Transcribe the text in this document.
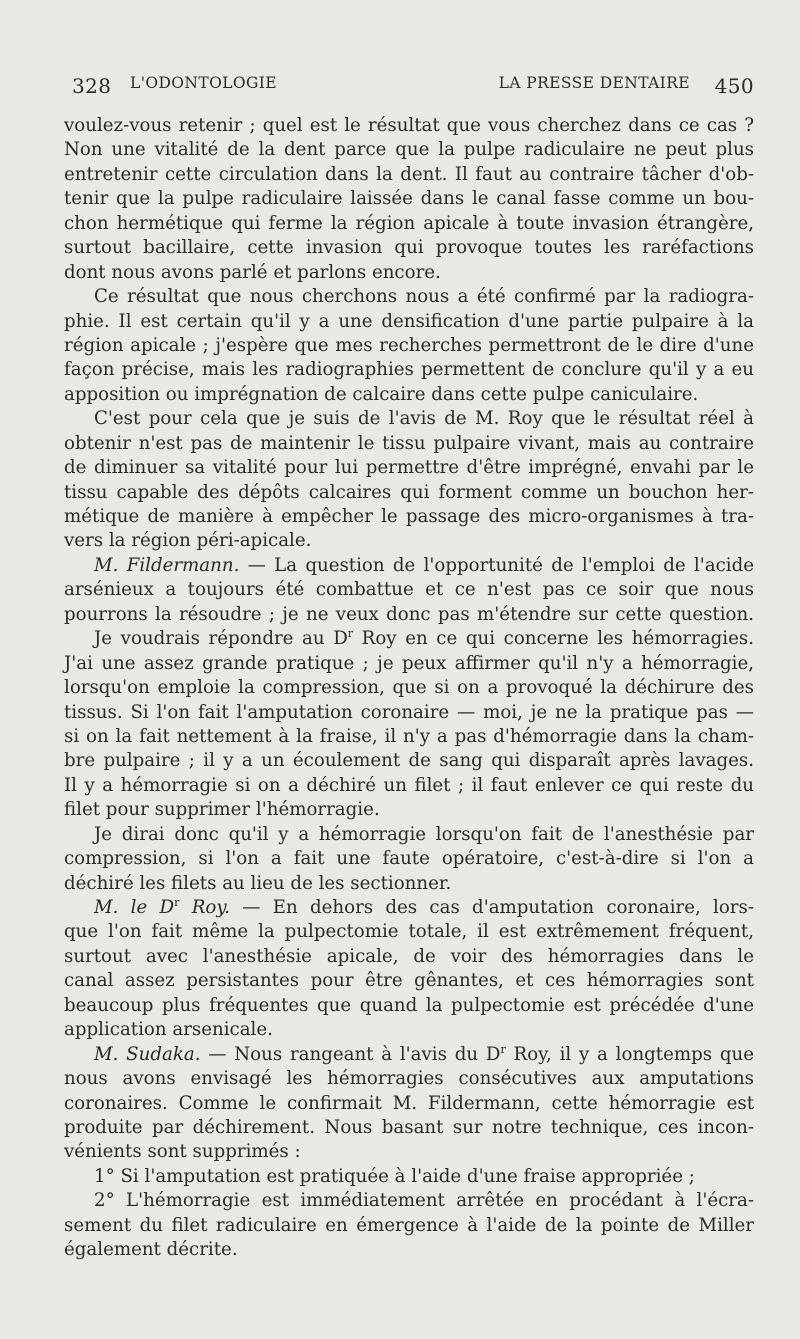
328 L'ODONTOLOGIE	LA PRESSE DENTAIRE 450
voulez-vous retenir ; quel est le résultat que vous cherchez dans ce cas ?
Non une vitalité de la dent parce que la pulpe radiculaire ne peut plus
entretenir cette circulation dans la dent. Il faut au contraire tâcher d'ob-
tenir que la pulpe radiculaire laissée dans le canal fasse comme un bou-
chon hermétique qui ferme la région apicale à toute invasion étrangère,
surtout bacillaire, cette invasion qui provoque toutes les raréfactions
dont nous avons parlé et parlons encore.
Ce résultat que nous cherchons nous a été confirmé par la radiogra-
phie. Il est certain qu'il y a une densification d'une partie pulpaire à la
région apicale ; j'espère que mes recherches permettront de le dire d'une
façon précise, mais les radiographies permettent de conclure qu'il y a eu
apposition ou imprégnation de calcaire dans cette pulpe caniculaire.
C'est pour cela que je suis de l'avis de M. Roy que le résultat réel à
obtenir n'est pas de maintenir le tissu pulpaire vivant, mais au contraire
de diminuer sa vitalité pour lui permettre d'être imprégné, envahi par le
tissu capable des dépôts calcaires qui forment comme un bouchon her-
métique de manière à empêcher le passage des micro-organismes à tra-
vers la région péri-apicale.
M. Fildermann. — La question de l'opportunité de l'emploi de l'acide
arsénieux a toujours été combattue et ce n'est pas ce soir que nous
pourrons la résoudre ; je ne veux donc pas m'étendre sur cette question.
Je voudrais répondre au $D^r$ Roy en ce qui concerne les hémorragies.
J'ai une assez grande pratique ; je peux affirmer qu'il n'y a hémorragie,
lorsqu'on emploie la compression, que si on a provoqué la déchirure des
tissus. Si l'on fait l'amputation coronaire — moi, je ne la pratique pas —
si on la fait nettement à la fraise, il n'y a pas d'hémorragie dans la cham-
bre pulpaire ; il y a un écoulement de sang qui disparaît après lavages.
Il y a hémorragie si on a déchiré un filet ; il faut enlever ce qui reste du
filet pour supprimer l'hémorragie.
Je dirai donc qu'il y a hémorragie lorsqu'on fait de l'anesthésie par
compression, si l'on a fait une faute opératoire, c'est-à-dire si l'on a
déchiré les filets au lieu de les sectionner.
M. le $D^r$ Roy. — En dehors des cas d'amputation coronaire, lors-
que l'on fait même la pulpectomie totale, il est extrêmement fréquent,
surtout avec l'anesthésie apicale, de voir des hémorragies dans le
canal assez persistantes pour être gênantes, et ces hémorragies sont
beaucoup plus fréquentes que quand la pulpectomie est précédée d'une
application arsenicale.
M. Sudaka. — Nous rangeant à l'avis du $D^r$ Roy, il y a longtemps que
nous avons envisagé les hémorragies consécutives aux amputations
coronaires. Comme le confirmait M. Fildermann, cette hémorragie est
produite par déchirement. Nous basant sur notre technique, ces incon-
vénients sont supprimés :
1° Si l'amputation est pratiquée à l'aide d'une fraise appropriée ;
2° L'hémorragie est immédiatement arrêtée en procédant à l'écra-
sement du filet radiculaire en émergence à l'aide de la pointe de Miller
également décrite.
